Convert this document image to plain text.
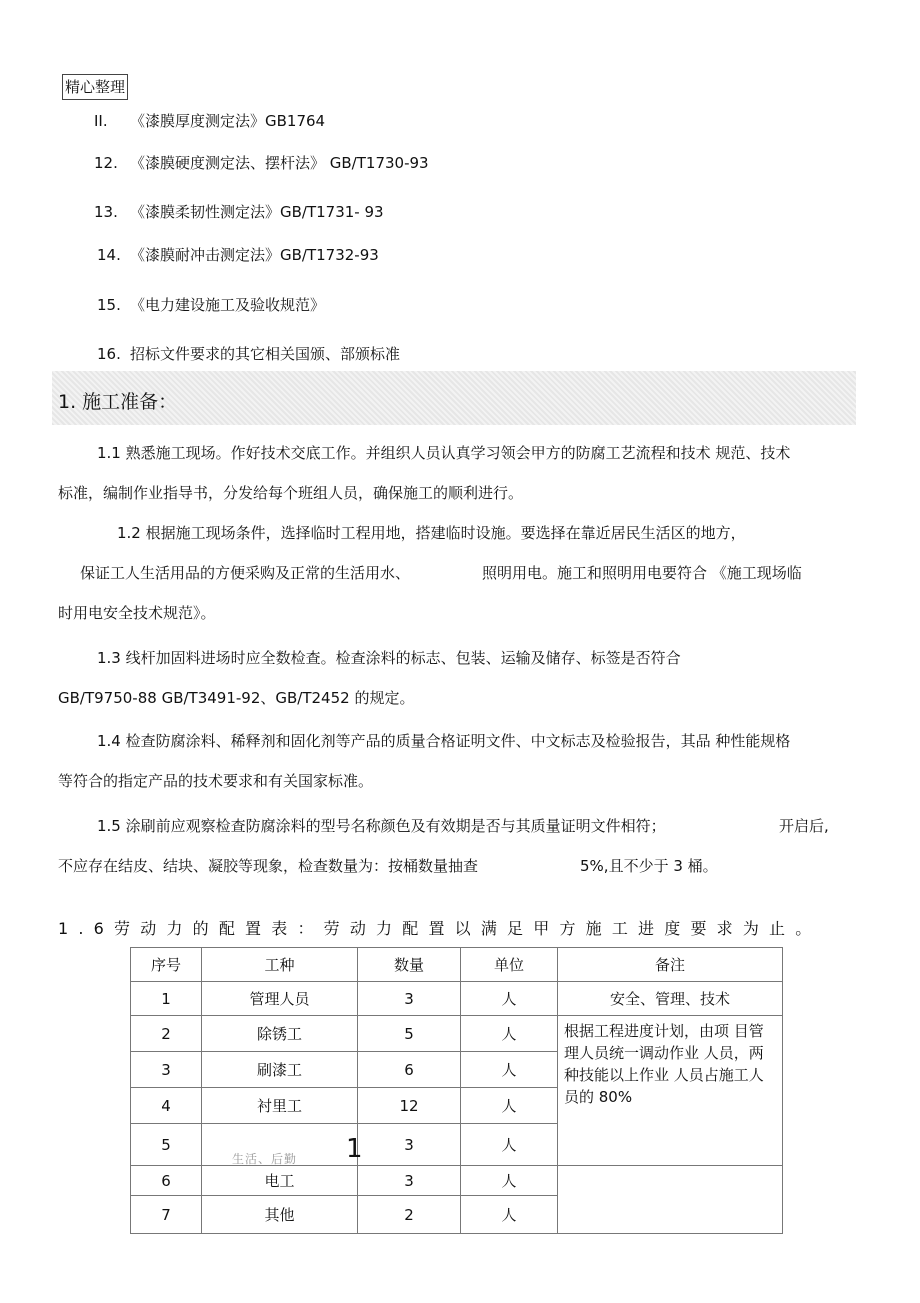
精心整理
II. 《漆膜厚度测定法》GB1764
12. 《漆膜硬度测定法、摆杆法》 GB/T1730-93
13. 《漆膜柔韧性测定法》GB/T1731- 93
14. 《漆膜耐冲击测定法》GB/T1732-93
15. 《电力建设施工及验收规范》
16. 招标文件要求的其它相关国颁、部颁标准
1. 施工准备：
1.1 熟悉施工现场。作好技术交底工作。并组织人员认真学习领会甲方的防腐工艺流程和技术 规范、技术
标准，编制作业指导书，分发给每个班组人员，确保施工的顺利进行。
1.2 根据施工现场条件，选择临时工程用地，搭建临时设施。要选择在靠近居民生活区的地方，
保证工人生活用品的方便采购及正常的生活用水、	照明用电。施工和照明用电要符合 《施工现场临
时用电安全技术规范》。
1.3 线杆加固料进场时应全数检查。检查涂料的标志、包装、运输及储存、标签是否符合
GB/T9750-88 GB/T3491-92、GB/T2452 的规定。
1.4 检查防腐涂料、稀释剂和固化剂等产品的质量合格证明文件、中文标志及检验报告，其品 种性能规格
等符合的指定产品的技术要求和有关国家标准。
1.5 涂刷前应观察检查防腐涂料的型号名称颜色及有效期是否与其质量证明文件相符；	开启后,
不应存在结皮、结块、凝胶等现象，检查数量为：按桶数量抽查	5%,且不少于 3 桶。
1.6劳动力的配置表：劳动力配置以满足甲方施工进度要求为止。
序号	工种	数量	单位	备注
1	管理人员	3	人	安全、管理、技术
2	除锈工	5	人	根据工程进度计划，由项 目管理人员统一调动作业 人员，两种技能以上作业 人员占施工人员的 80%
3	刷漆工	6	人	
4	衬里工	12	人	
5		3	人	
6	电工	3	人	
7	其他	2	人	
生活、后勤 1
